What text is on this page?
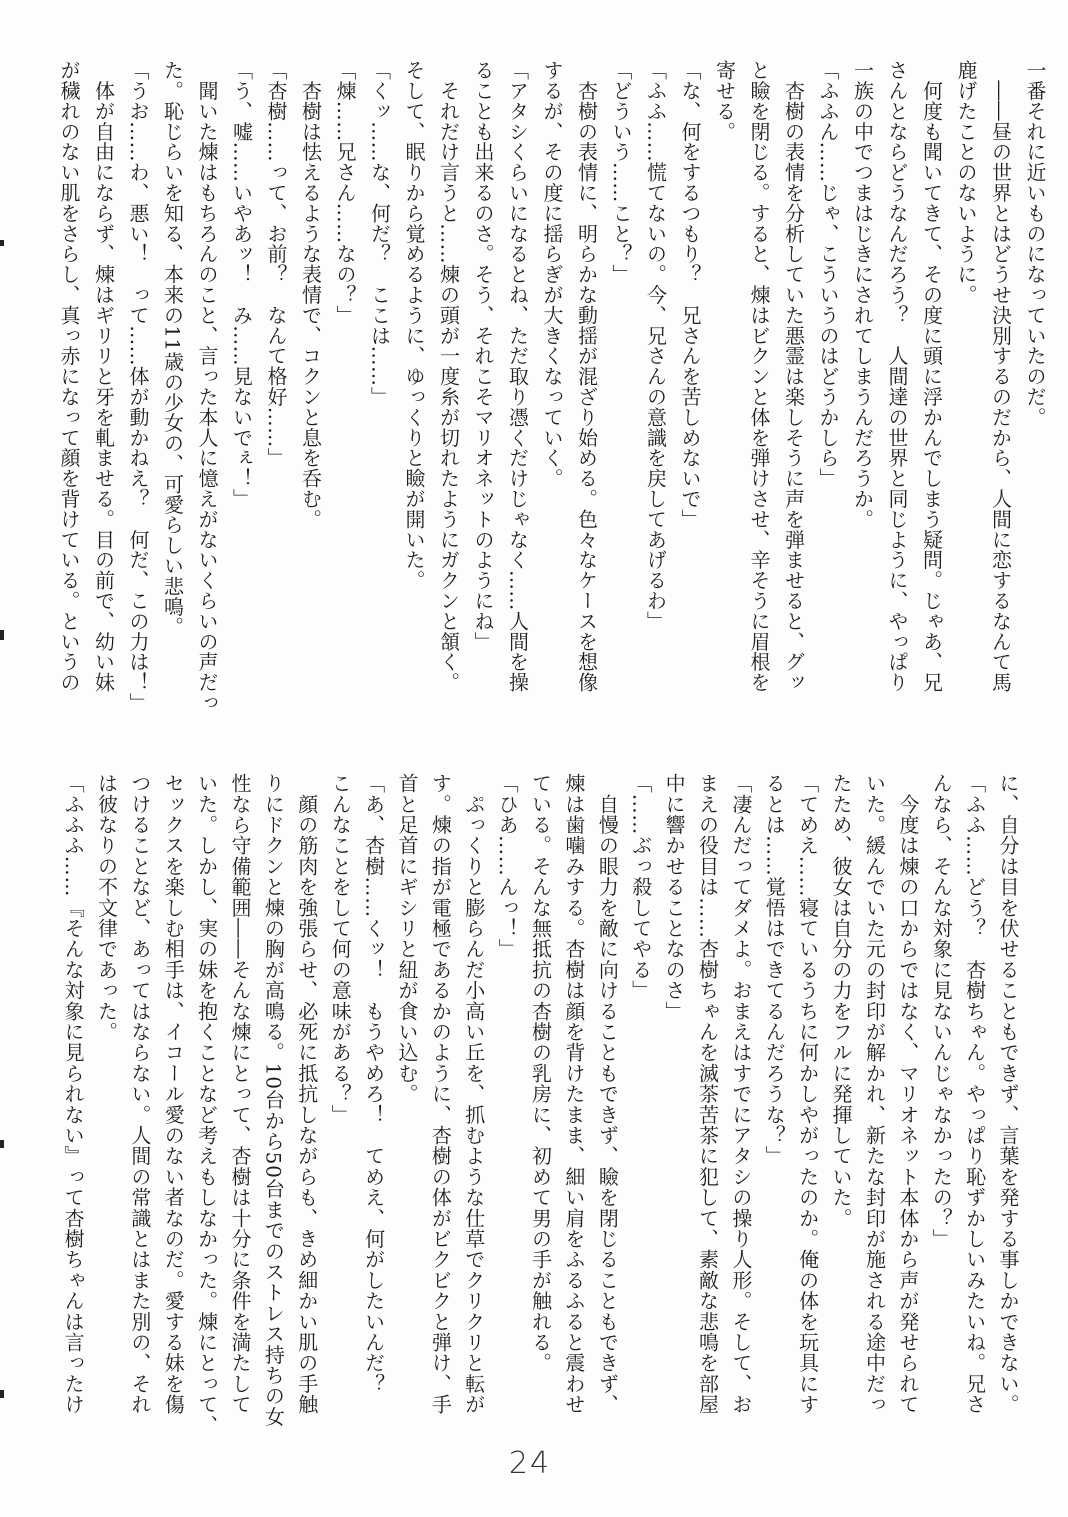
一番それに近いものになっていたのだ。
　――昼の世界とはどうせ決別するのだから、人間に恋するなんて馬
鹿げたことのないように。
　何度も聞いてきて、その度に頭に浮かんでしまう疑問。じゃあ、兄
さんとならどうなんだろう？　人間達の世界と同じように、やっぱり
一族の中でつまはじきにされてしまうんだろうか。
「ふふん……じゃ、こういうのはどうかしら」
　杏樹の表情を分析していた悪霊は楽しそうに声を弾ませると、グッ
と瞼を閉じる。すると、煉はビクンと体を弾けさせ、辛そうに眉根を
寄せる。
「な、何をするつもり？　兄さんを苦しめないで」
「ふふ……慌てないの。今、兄さんの意識を戻してあげるわ」
「どういう……こと？」
　杏樹の表情に、明らかな動揺が混ざり始める。色々なケースを想像
するが、その度に揺らぎが大きくなっていく。
「アタシくらいになるとね、ただ取り憑くだけじゃなく……人間を操
ることも出来るのさ。そう、それこそマリオネットのようにね」
　それだけ言うと……煉の頭が一度糸が切れたようにガクンと頷く。
そして、眠りから覚めるように、ゆっくりと瞼が開いた。
「くッ……な、何だ？　ここは……」
「煉……兄さん……なの？」
　杏樹は怯えるような表情で、コクンと息を呑む。
「杏樹……って、お前？　なんて格好……」
「う、嘘……いやあッ！　み……見ないでぇ！」
　聞いた煉はもちろんのこと、言った本人に憶えがないくらいの声だっ
た。恥じらいを知る、本来の11歳の少女の、可愛らしい悲鳴。
「うお……わ、悪い！　って……体が動かねえ？　何だ、この力は！」
　体が自由にならず、煉はギリリと牙を軋ませる。目の前で、幼い妹
が穢れのない肌をさらし、真っ赤になって顔を背けている。というの
に、自分は目を伏せることもできず、言葉を発する事しかできない。
「ふふ……どう？　杏樹ちゃん。やっぱり恥ずかしいみたいね。兄さ
んなら、そんな対象に見ないんじゃなかったの？」
　今度は煉の口からではなく、マリオネット本体から声が発せられて
いた。緩んでいた元の封印が解かれ、新たな封印が施される途中だっ
たため、彼女は自分の力をフルに発揮していた。
「てめえ……寝ているうちに何かしやがったのか。俺の体を玩具にす
るとは……覚悟はできてるんだろうな？」
「凄んだってダメよ。おまえはすでにアタシの操り人形。そして、お
まえの役目は……杏樹ちゃんを滅茶苦茶に犯して、素敵な悲鳴を部屋
中に響かせることなのさ」
「……ぶっ殺してやる」
　自慢の眼力を敵に向けることもできず、瞼を閉じることもできず、
煉は歯噛みする。杏樹は顔を背けたまま、細い肩をふるふると震わせ
ている。そんな無抵抗の杏樹の乳房に、初めて男の手が触れる。
「ひあ……んっ！」
　ぷっくりと膨らんだ小高い丘を、抓むような仕草でクリクリと転が
す。煉の指が電極であるかのように、杏樹の体がビクビクと弾け、手
首と足首にギシリと紐が食い込む。
「あ、杏樹……くッ！　もうやめろ！　てめえ、何がしたいんだ？
こんなことをして何の意味がある？」
　顔の筋肉を強張らせ、必死に抵抗しながらも、きめ細かい肌の手触
りにドクンと煉の胸が高鳴る。10台から50台までのストレス持ちの女
性なら守備範囲――そんな煉にとって、杏樹は十分に条件を満たして
いた。しかし、実の妹を抱くことなど考えもしなかった。煉にとって、
セックスを楽しむ相手は、イコール愛のない者なのだ。愛する妹を傷
つけることなど、あってはならない。人間の常識とはまた別の、それ
は彼なりの不文律であった。
「ふふふ……『そんな対象に見られない』って杏樹ちゃんは言ったけ
24
